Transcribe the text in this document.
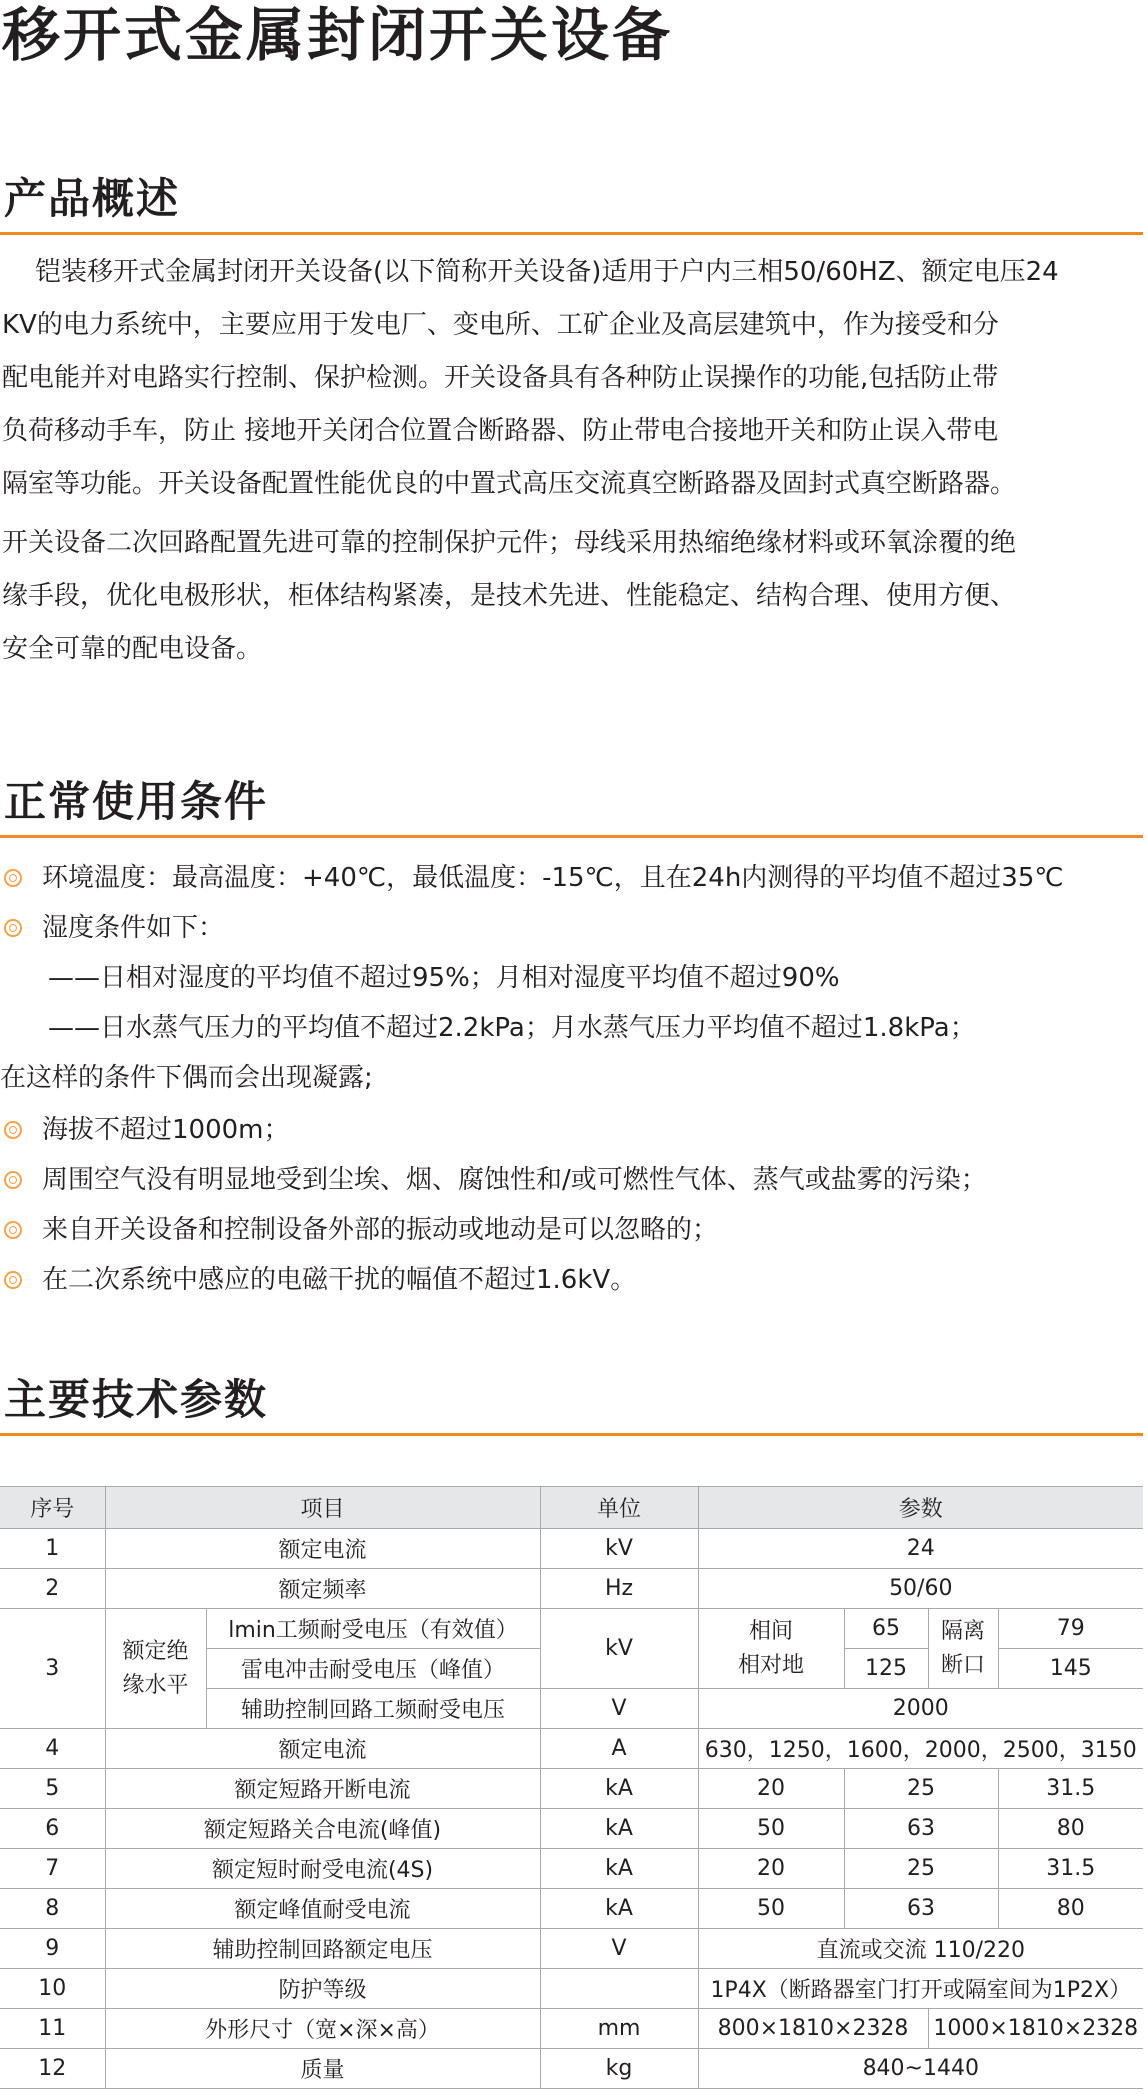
移开式金属封闭开关设备
产品概述

铠装移开式金属封闭开关设备(以下简称开关设备)适用于户内三相50/60HZ、额定电压24

KV的电力系统中，主要应用于发电厂、变电所、工矿企业及高层建筑中，作为接受和分

配电能并对电路实行控制、保护检测。开关设备具有各种防止误操作的功能,包括防止带

负荷移动手车，防止 接地开关闭合位置合断路器、防止带电合接地开关和防止误入带电

隔室等功能。开关设备配置性能优良的中置式高压交流真空断路器及固封式真空断路器。

开关设备二次回路配置先进可靠的控制保护元件；母线采用热缩绝缘材料或环氧涂覆的绝

缘手段，优化电极形状，柜体结构紧凑，是技术先进、性能稳定、结构合理、使用方便、

安全可靠的配电设备。

正常使用条件

环境温度：最高温度：+40℃，最低温度：-15℃，且在24h内测得的平均值不超过35℃

湿度条件如下：

——日相对湿度的平均值不超过95%；月相对湿度平均值不超过90%

——日水蒸气压力的平均值不超过2.2kPa；月水蒸气压力平均值不超过1.8kPa；

在这样的条件下偶而会出现凝露;

海拔不超过1000m；

周围空气没有明显地受到尘埃、烟、腐蚀性和/或可燃性气体、蒸气或盐雾的污染；

来自开关设备和控制设备外部的振动或地动是可以忽略的；

在二次系统中感应的电磁干扰的幅值不超过1.6kV。

主要技术参数
序号	项目		单位	参数			
1	额定电流		kV	24			
2	额定频率		Hz	50/60			
3	额定绝
缘水平	lmin工频耐受电压（有效值）	kV	相间
相对地	65	隔离
断口	79
		雷电冲击耐受电压（峰值）			125		145
		辅助控制回路工频耐受电压	V	2000			
4	额定电流		A	630，1250，1600，2000，2500，3150			
5	额定短路开断电流		kA	20	25		31.5
6	额定短路关合电流(峰值)		kA	50	63		80
7	额定短时耐受电流(4S)		kA	20	25		31.5
8	额定峰值耐受电流		kA	50	63		80
9	辅助控制回路额定电压		V	直流或交流 110/220			
10	防护等级			1P4X（断路器室门打开或隔室间为1P2X）			
11	外形尺寸（宽×深×高）		mm	800×1810×2328		1000×1810×2328	
12	质量		kg	840~1440			
